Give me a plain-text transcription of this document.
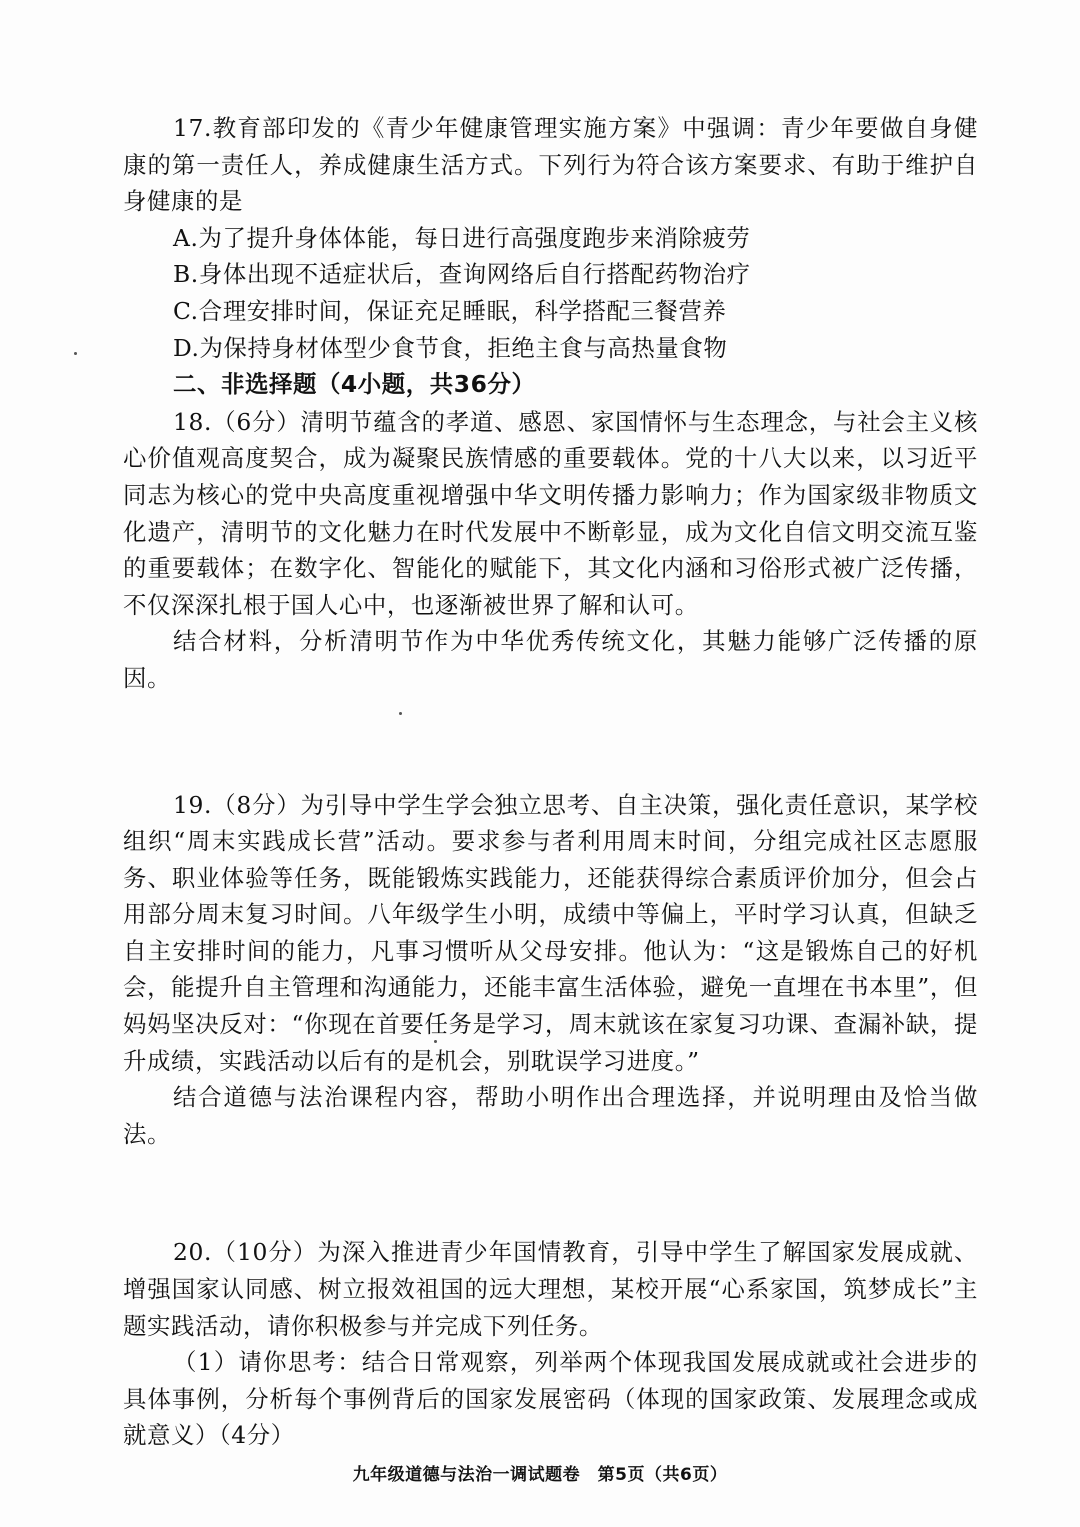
17.教育部印发的《青少年健康管理实施方案》中强调：青少年要做自身健康的第一责任人，养成健康生活方式。下列行为符合该方案要求、有助于维护自身健康的是

A.为了提升身体体能，每日进行高强度跑步来消除疲劳

B.身体出现不适症状后，查询网络后自行搭配药物治疗

C.合理安排时间，保证充足睡眠，科学搭配三餐营养

D.为保持身材体型少食节食，拒绝主食与高热量食物

二、非选择题（4小题，共36分）

18.（6分）清明节蕴含的孝道、感恩、家国情怀与生态理念，与社会主义核心价值观高度契合，成为凝聚民族情感的重要载体。党的十八大以来，以习近平同志为核心的党中央高度重视增强中华文明传播力影响力；作为国家级非物质文化遗产，清明节的文化魅力在时代发展中不断彰显，成为文化自信文明交流互鉴的重要载体；在数字化、智能化的赋能下，其文化内涵和习俗形式被广泛传播，不仅深深扎根于国人心中，也逐渐被世界了解和认可。

结合材料，分析清明节作为中华优秀传统文化，其魅力能够广泛传播的原因。

19.（8分）为引导中学生学会独立思考、自主决策，强化责任意识，某学校组织“周末实践成长营”活动。要求参与者利用周末时间，分组完成社区志愿服务、职业体验等任务，既能锻炼实践能力，还能获得综合素质评价加分，但会占用部分周末复习时间。八年级学生小明，成绩中等偏上，平时学习认真，但缺乏自主安排时间的能力，凡事习惯听从父母安排。他认为：“这是锻炼自己的好机会，能提升自主管理和沟通能力，还能丰富生活体验，避免一直埋在书本里”，但妈妈坚决反对：“你现在首要任务是学习，周末就该在家复习功课、查漏补缺，提升成绩，实践活动以后有的是机会，别耽误学习进度。”

结合道德与法治课程内容，帮助小明作出合理选择，并说明理由及恰当做法。

20.（10分）为深入推进青少年国情教育，引导中学生了解国家发展成就、增强国家认同感、树立报效祖国的远大理想，某校开展“心系家国，筑梦成长”主题实践活动，请你积极参与并完成下列任务。

（1）请你思考：结合日常观察，列举两个体现我国发展成就或社会进步的具体事例，分析每个事例背后的国家发展密码（体现的国家政策、发展理念或成就意义）（4分）

九年级道德与法治一调试题卷　第5页（共6页）
